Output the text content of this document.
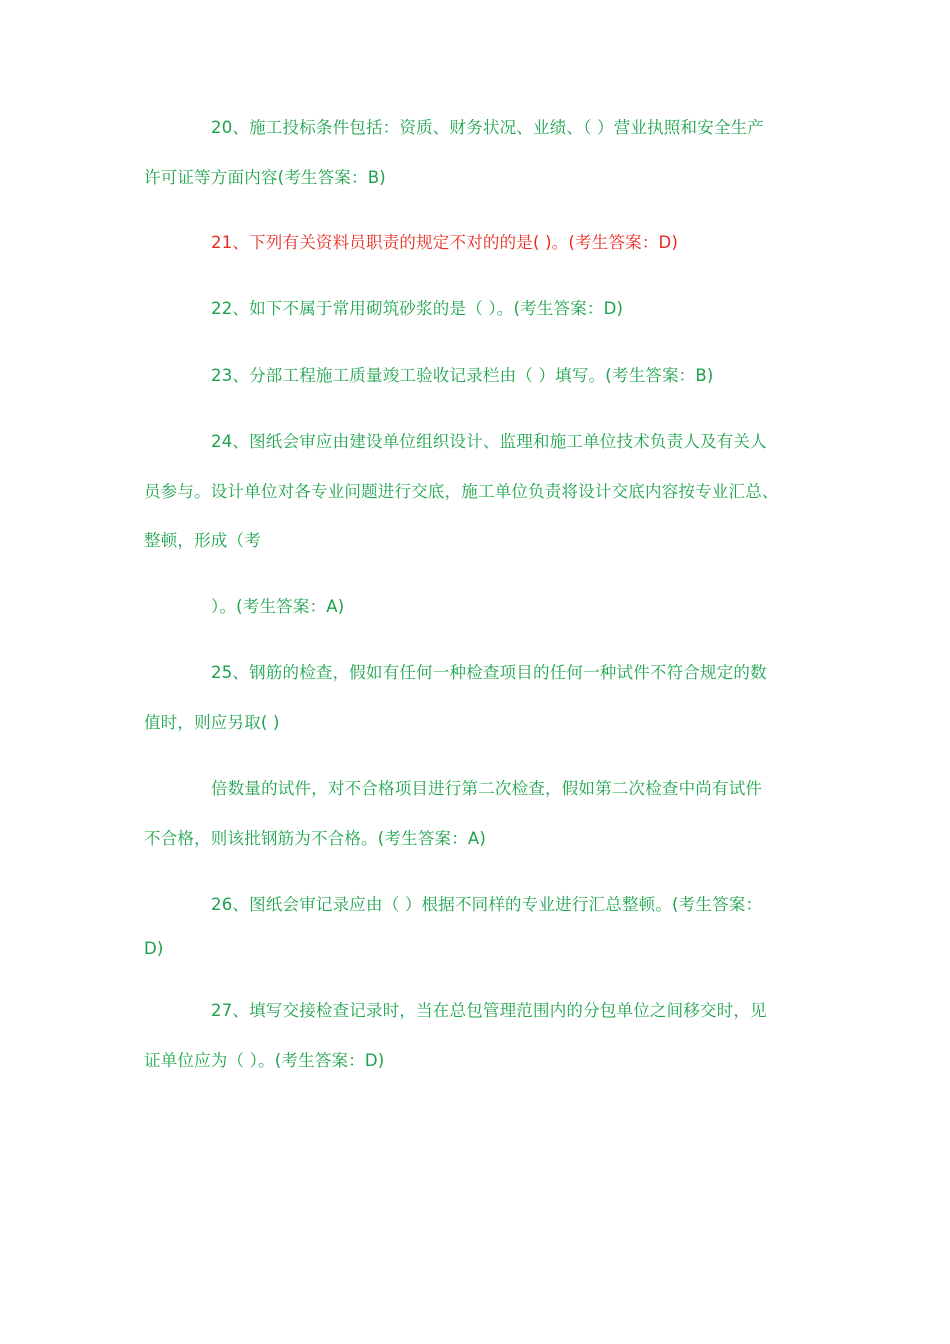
20、施工投标条件包括：资质、财务状况、业绩、（ ）营业执照和安全生产
许可证等方面内容(考生答案：B)
21、下列有关资料员职责的规定不对的的是( )。(考生答案：D)
22、如下不属于常用砌筑砂浆的是（ ）。(考生答案：D)
23、分部工程施工质量竣工验收记录栏由（ ）填写。(考生答案：B)
24、图纸会审应由建设单位组织设计、监理和施工单位技术负责人及有关人
员参与。设计单位对各专业问题进行交底，施工单位负责将设计交底内容按专业汇总、
整顿，形成（考
）。(考生答案：A)
25、钢筋的检查，假如有任何一种检查项目的任何一种试件不符合规定的数
值时，则应另取( )
倍数量的试件，对不合格项目进行第二次检查，假如第二次检查中尚有试件
不合格，则该批钢筋为不合格。(考生答案：A)
26、图纸会审记录应由（ ）根据不同样的专业进行汇总整顿。(考生答案：
D)
27、填写交接检查记录时，当在总包管理范围内的分包单位之间移交时，见
证单位应为（ ）。(考生答案：D)
